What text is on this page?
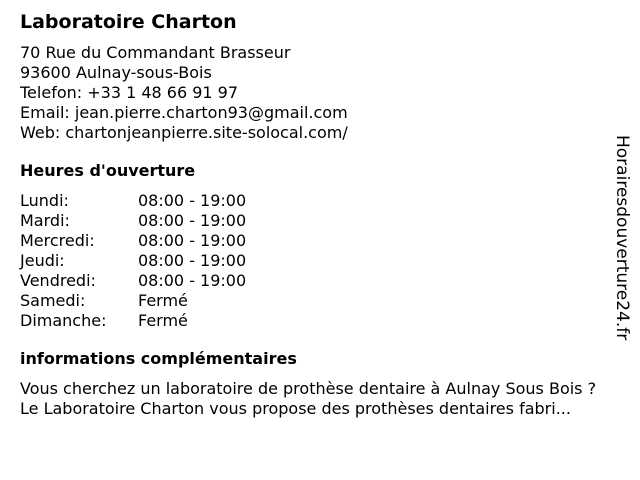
Laboratoire Charton
70 Rue du Commandant Brasseur
93600 Aulnay-sous-Bois
Telefon: +33 1 48 66 91 97
Email: jean.pierre.charton93@gmail.com
Web: chartonjeanpierre.site-solocal.com/
Heures d'ouverture
Lundi:	08:00 - 19:00
Mardi:	08:00 - 19:00
Mercredi:	08:00 - 19:00
Jeudi:	08:00 - 19:00
Vendredi:	08:00 - 19:00
Samedi:	Fermé
Dimanche:	Fermé
informations complémentaires
Vous cherchez un laboratoire de prothèse dentaire à Aulnay Sous Bois ?
Le Laboratoire Charton vous propose des prothèses dentaires fabri...
Horairesdouverture24.fr
